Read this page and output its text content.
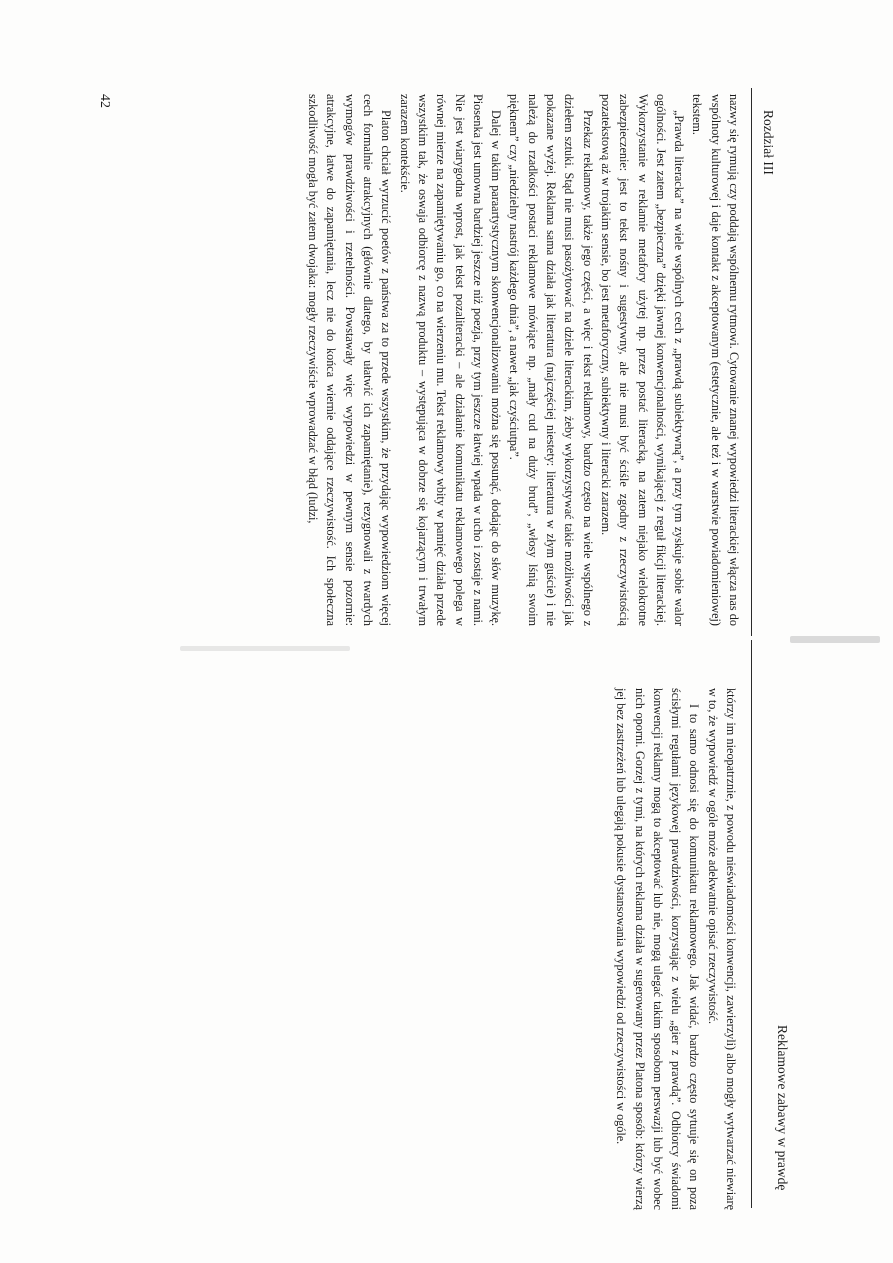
Rozdział III

nazwy się rymują czy poddają wspólnemu rytmowi. Cytowanie znanej wypowiedzi literackiej włącza nas do wspólnoty kulturowej i daje kontakt z akceptowanym (estetycznie, ale też i w warstwie powiadomieniowej) tekstem.

„Prawda literacka” na wiele wspólnych cech z „prawdą subiektywną”, a przy tym zyskuje sobie walor ogólności. Jest zatem „bezpieczna” dzięki jawnej konwencjonalności, wynikającej z reguł fikcji literackiej. Wykorzystanie w reklamie metafory użytej np. przez postać literacką, na zatem niejako wielokrotne zabezpieczenie: jest to tekst nośny i sugestywny, ale nie musi być ściśle zgodny z rzeczywistością pozatekstową aż w trojakim sensie, bo jest metaforyczny, subiektywny i literacki zarazem.

Przekaz reklamowy, także jego części, a więc i tekst reklamowy, bardzo często na wiele wspólnego z dziełem sztuki. Stąd nie musi pasożytować na dziele literackim, żeby wykorzystywać takie możliwości jak pokazane wyżej. Reklama sama działa jak literatura (najczęściej niestety: literatura w złym guście) i nie należą do rzadkości postaci reklamowe mówiące np. „mały cud na duży brud”, „włosy lśnią swoim pięknem” czy „niedzielny nastrój każdego dnia”, a nawet „jak czyściutpa”.

Dalej w takim paraartystycznym skonwencjonalizowaniu można się posunąć, dodając do słów muzykę. Piosenka jest umowna bardziej jeszcze niż poezja, przy tym jeszcze łatwiej wpada w ucho i zostaje z nami. Nie jest wiarygodna wprost, jak tekst pozaliteracki – ale działanie komunikatu reklamowego polega w równej mierze na zapamiętywaniu go, co na wierzeniu mu. Tekst reklamowy wbity w pamięć działa przede wszystkim tak, że oswaja odbiorcę z nazwą produktu – występująca w dobrze się kojarzącym i trwałym zarazem kontekście.

Platon chciał wyrzucić poetów z państwa za to przede wszystkim, że przydając wypowiedziom więcej cech formalnie atrakcyjnych (głównie dlatego, by ułatwić ich zapamiętanie), rezygnowali z twardych wymogów prawdziwości i rzetelności. Powstawały więc wypowiedzi w pewnym sensie pozornie: atrakcyjne, łatwe do zapamiętania, lecz nie do końca wiernie oddające rzeczywistość. Ich społeczna szkodliwość mogła być zatem dwojaka: mogły rzeczywiście wprowadzać w błąd (ludzi,

42
Reklamowe zabawy w prawdę

którzy im nieopatrznie, z powodu nieświadomości konwencji, zawierzyli) albo mogły wytwarzać niewiarę w to, że wypowiedź w ogóle może adekwatnie opisać rzeczywistość.

I to samo odnosi się do komunikatu reklamowego. Jak widać, bardzo często sytuuje się on poza ścisłymi regułami językowej prawdziwości, korzystając z wielu „gier z prawdą”. Odbiorcy świadomi konwencji reklamy mogą to akceptować lub nie, mogą ulegać takim sposobom perswazji lub być wobec nich oporni. Gorzej z tymi, na których reklama działa w sugerowany przez Platona sposób: którzy wierzą jej bez zastrzeżeń lub ulegają pokusie dystansowania wypowiedzi od rzeczywistości w ogóle.
